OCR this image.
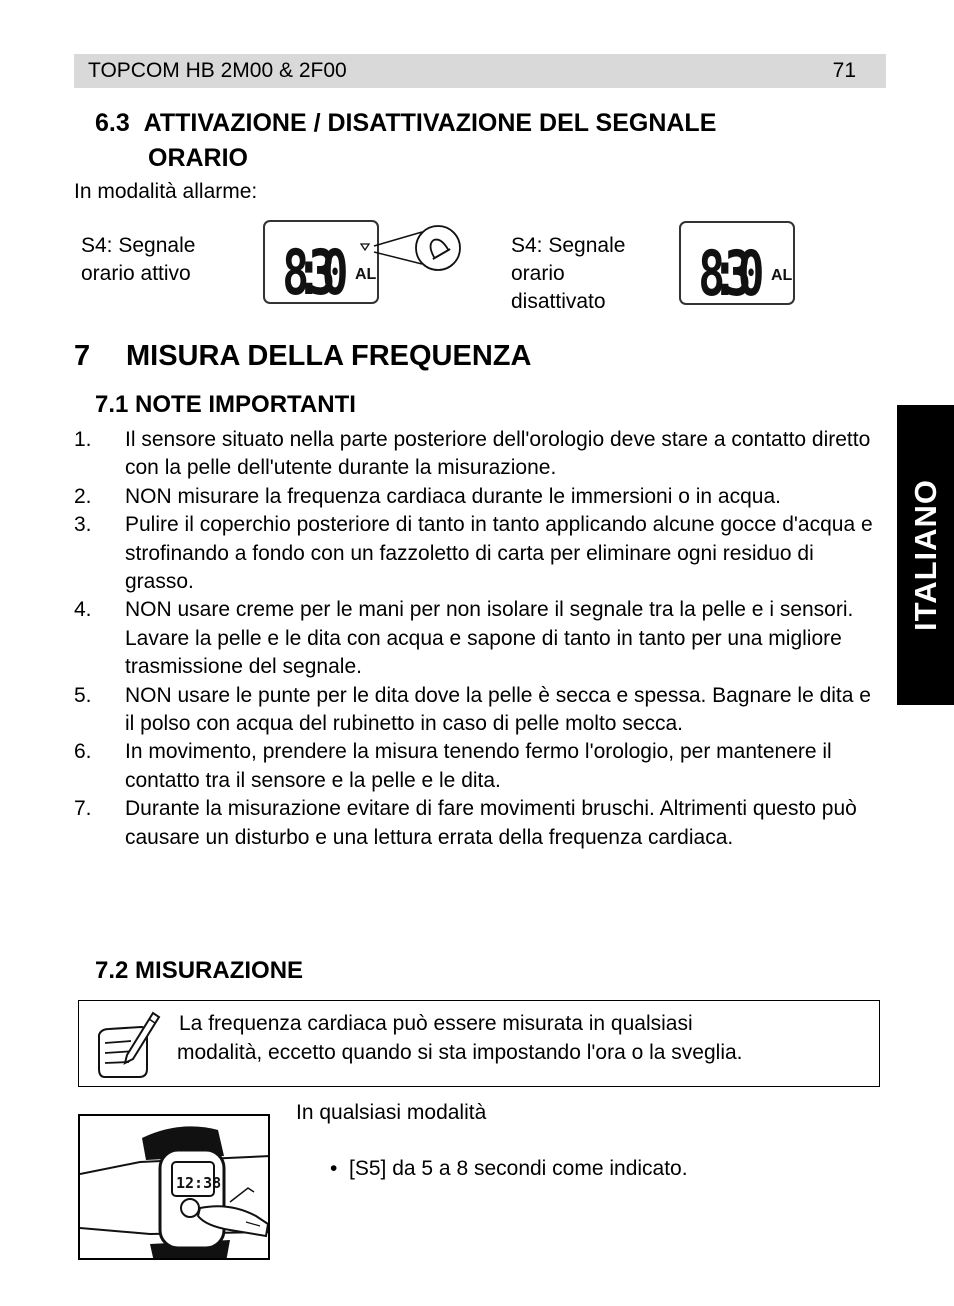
TOPCOM HB 2M00 & 2F00	71
6.3 ATTIVAZIONE / DISATTIVAZIONE DEL SEGNALE
ORARIO
In modalità allarme:
S4: Segnale
orario attivo 8:30 AL
S4: Segnale
orario
disattivato	8:30 AL
7 MISURA DELLA FREQUENZA
7.1 NOTE IMPORTANTI
1. Il sensore situato nella parte posteriore dell'orologio deve stare a contatto diretto con la pelle dell'utente durante la misurazione.
2. NON misurare la frequenza cardiaca durante le immersioni o in acqua.
3. Pulire il coperchio posteriore di tanto in tanto applicando alcune gocce d'acqua e strofinando a fondo con un fazzoletto di carta per eliminare ogni residuo di grasso.
4. NON usare creme per le mani per non isolare il segnale tra la pelle e i sensori. Lavare la pelle e le dita con acqua e sapone di tanto in tanto per una migliore trasmissione del segnale.
5. NON usare le punte per le dita dove la pelle è secca e spessa. Bagnare le dita e il polso con acqua del rubinetto in caso di pelle molto secca.
6. In movimento, prendere la misura tenendo fermo l'orologio, per mantenere il contatto tra il sensore e la pelle e le dita.
7. Durante la misurazione evitare di fare movimenti bruschi. Altrimenti questo può causare un disturbo e una lettura errata della frequenza cardiaca.
ITALIANO
7.2 MISURAZIONE
La frequenza cardiaca può essere misurata in qualsiasi
modalità, eccetto quando si sta impostando l'ora o la sveglia.
12:38
In qualsiasi modalità
• [S5] da 5 a 8 secondi come indicato.
